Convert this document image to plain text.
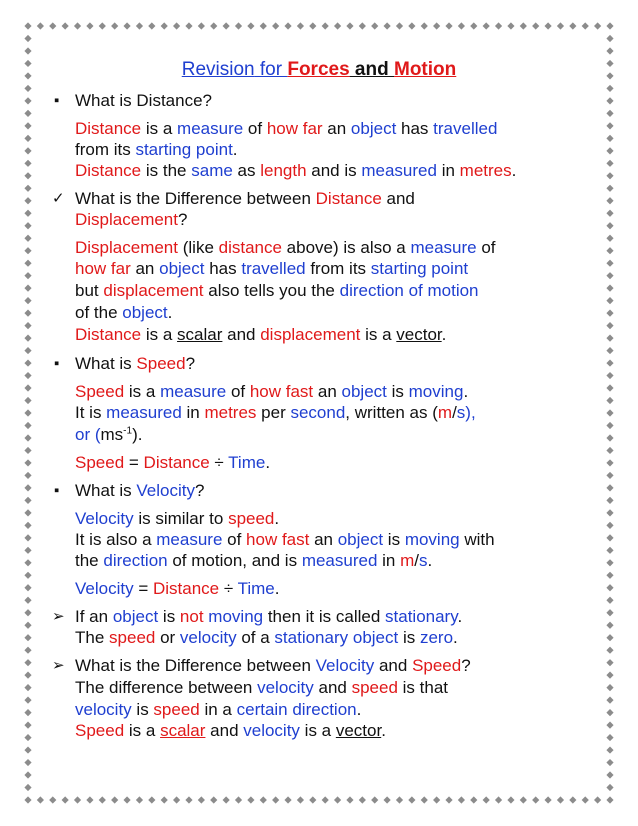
Revision for Forces and Motion
▪ What is Distance?
Distance is a measure of how far an object has travelled
from its starting point.
Distance is the same as length and is measured in metres.
✓ What is the Difference between Distance and
Displacement?
Displacement (like distance above) is also a measure of
how far an object has travelled from its starting point
but displacement also tells you the direction of motion
of the object.
Distance is a scalar and displacement is a vector.
▪ What is Speed?
Speed is a measure of how fast an object is moving.
It is measured in metres per second, written as (m/s),
or $(ms^{-1})$.
Speed = Distance ÷ Time.
▪ What is Velocity?
Velocity is similar to speed.
It is also a measure of how fast an object is moving with
the direction of motion, and is measured in m/s.
Velocity = Distance ÷ Time.
➢ If an object is not moving then it is called stationary.
The speed or velocity of a stationary object is zero.
➢ What is the Difference between Velocity and Speed?
The difference between velocity and speed is that
velocity is speed in a certain direction.
Speed is a scalar and velocity is a vector.
